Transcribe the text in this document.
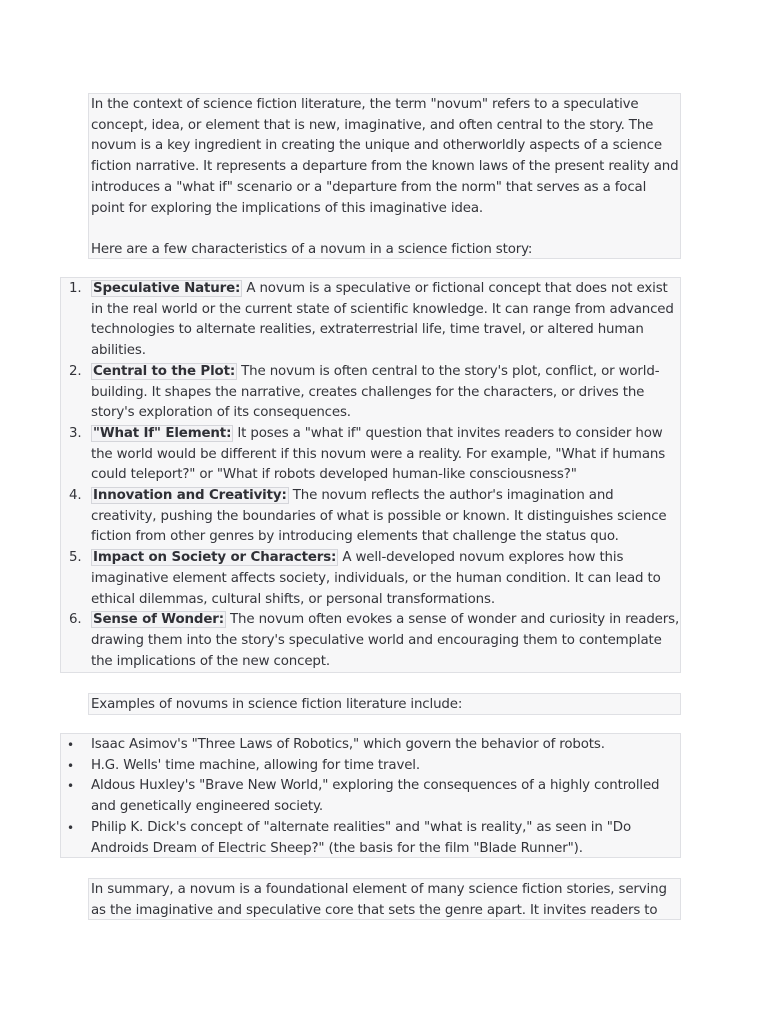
In the context of science fiction literature, the term "novum" refers to a speculative concept, idea, or element that is new, imaginative, and often central to the story. The novum is a key ingredient in creating the unique and otherworldly aspects of a science fiction narrative. It represents a departure from the known laws of the present reality and introduces a "what if" scenario or a "departure from the norm" that serves as a focal point for exploring the implications of this imaginative idea.

Here are a few characteristics of a novum in a science fiction story:

1. Speculative Nature: A novum is a speculative or fictional concept that does not exist in the real world or the current state of scientific knowledge. It can range from advanced technologies to alternate realities, extraterrestrial life, time travel, or altered human abilities.
2. Central to the Plot: The novum is often central to the story's plot, conflict, or world-building. It shapes the narrative, creates challenges for the characters, or drives the story's exploration of its consequences.
3. "What If" Element: It poses a "what if" question that invites readers to consider how the world would be different if this novum were a reality. For example, "What if humans could teleport?" or "What if robots developed human-like consciousness?"
4. Innovation and Creativity: The novum reflects the author's imagination and creativity, pushing the boundaries of what is possible or known. It distinguishes science fiction from other genres by introducing elements that challenge the status quo.
5. Impact on Society or Characters: A well-developed novum explores how this imaginative element affects society, individuals, or the human condition. It can lead to ethical dilemmas, cultural shifts, or personal transformations.
6. Sense of Wonder: The novum often evokes a sense of wonder and curiosity in readers, drawing them into the story's speculative world and encouraging them to contemplate the implications of the new concept.

Examples of novums in science fiction literature include:

• Isaac Asimov's "Three Laws of Robotics," which govern the behavior of robots.
• H.G. Wells' time machine, allowing for time travel.
• Aldous Huxley's "Brave New World," exploring the consequences of a highly controlled and genetically engineered society.
• Philip K. Dick's concept of "alternate realities" and "what is reality," as seen in "Do Androids Dream of Electric Sheep?" (the basis for the film "Blade Runner").

In summary, a novum is a foundational element of many science fiction stories, serving as the imaginative and speculative core that sets the genre apart. It invites readers to
